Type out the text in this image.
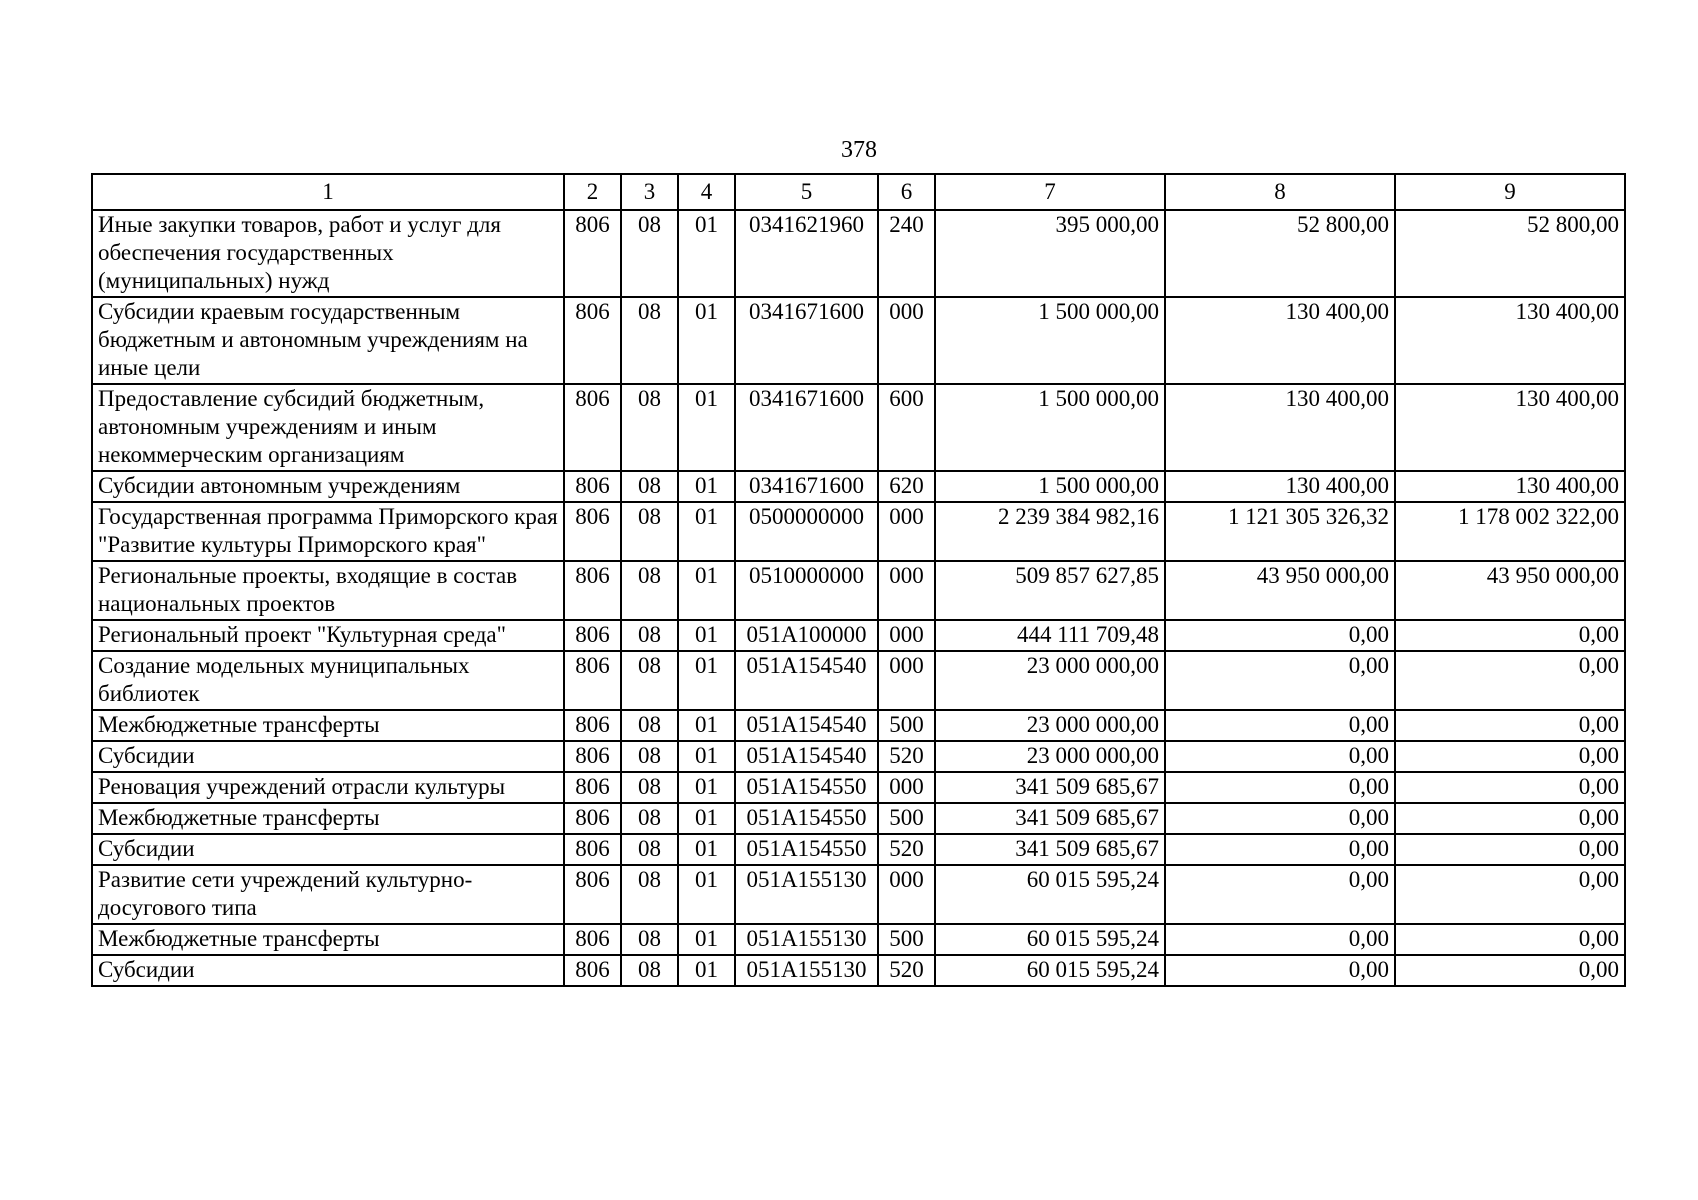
378
1	2	3	4	5	6	7	8	9
Иные закупки товаров, работ и услуг для обеспечения государственных (муниципальных) нужд	806	08	01	0341621960	240	395 000,00	52 800,00	52 800,00
Субсидии краевым государственным бюджетным и автономным учреждениям на иные цели	806	08	01	0341671600	000	1 500 000,00	130 400,00	130 400,00
Предоставление субсидий бюджетным, автономным учреждениям и иным некоммерческим организациям	806	08	01	0341671600	600	1 500 000,00	130 400,00	130 400,00
Субсидии автономным учреждениям	806	08	01	0341671600	620	1 500 000,00	130 400,00	130 400,00
Государственная программа Приморского края "Развитие культуры Приморского края"	806	08	01	0500000000	000	2 239 384 982,16	1 121 305 326,32	1 178 002 322,00
Региональные проекты, входящие в состав национальных проектов	806	08	01	0510000000	000	509 857 627,85	43 950 000,00	43 950 000,00
Региональный проект "Культурная среда"	806	08	01	051A100000	000	444 111 709,48	0,00	0,00
Создание модельных муниципальных библиотек	806	08	01	051A154540	000	23 000 000,00	0,00	0,00
Межбюджетные трансферты	806	08	01	051A154540	500	23 000 000,00	0,00	0,00
Субсидии	806	08	01	051A154540	520	23 000 000,00	0,00	0,00
Реновация учреждений отрасли культуры	806	08	01	051A154550	000	341 509 685,67	0,00	0,00
Межбюджетные трансферты	806	08	01	051A154550	500	341 509 685,67	0,00	0,00
Субсидии	806	08	01	051A154550	520	341 509 685,67	0,00	0,00
Развитие сети учреждений культурно-досугового типа	806	08	01	051A155130	000	60 015 595,24	0,00	0,00
Межбюджетные трансферты	806	08	01	051A155130	500	60 015 595,24	0,00	0,00
Субсидии	806	08	01	051A155130	520	60 015 595,24	0,00	0,00
